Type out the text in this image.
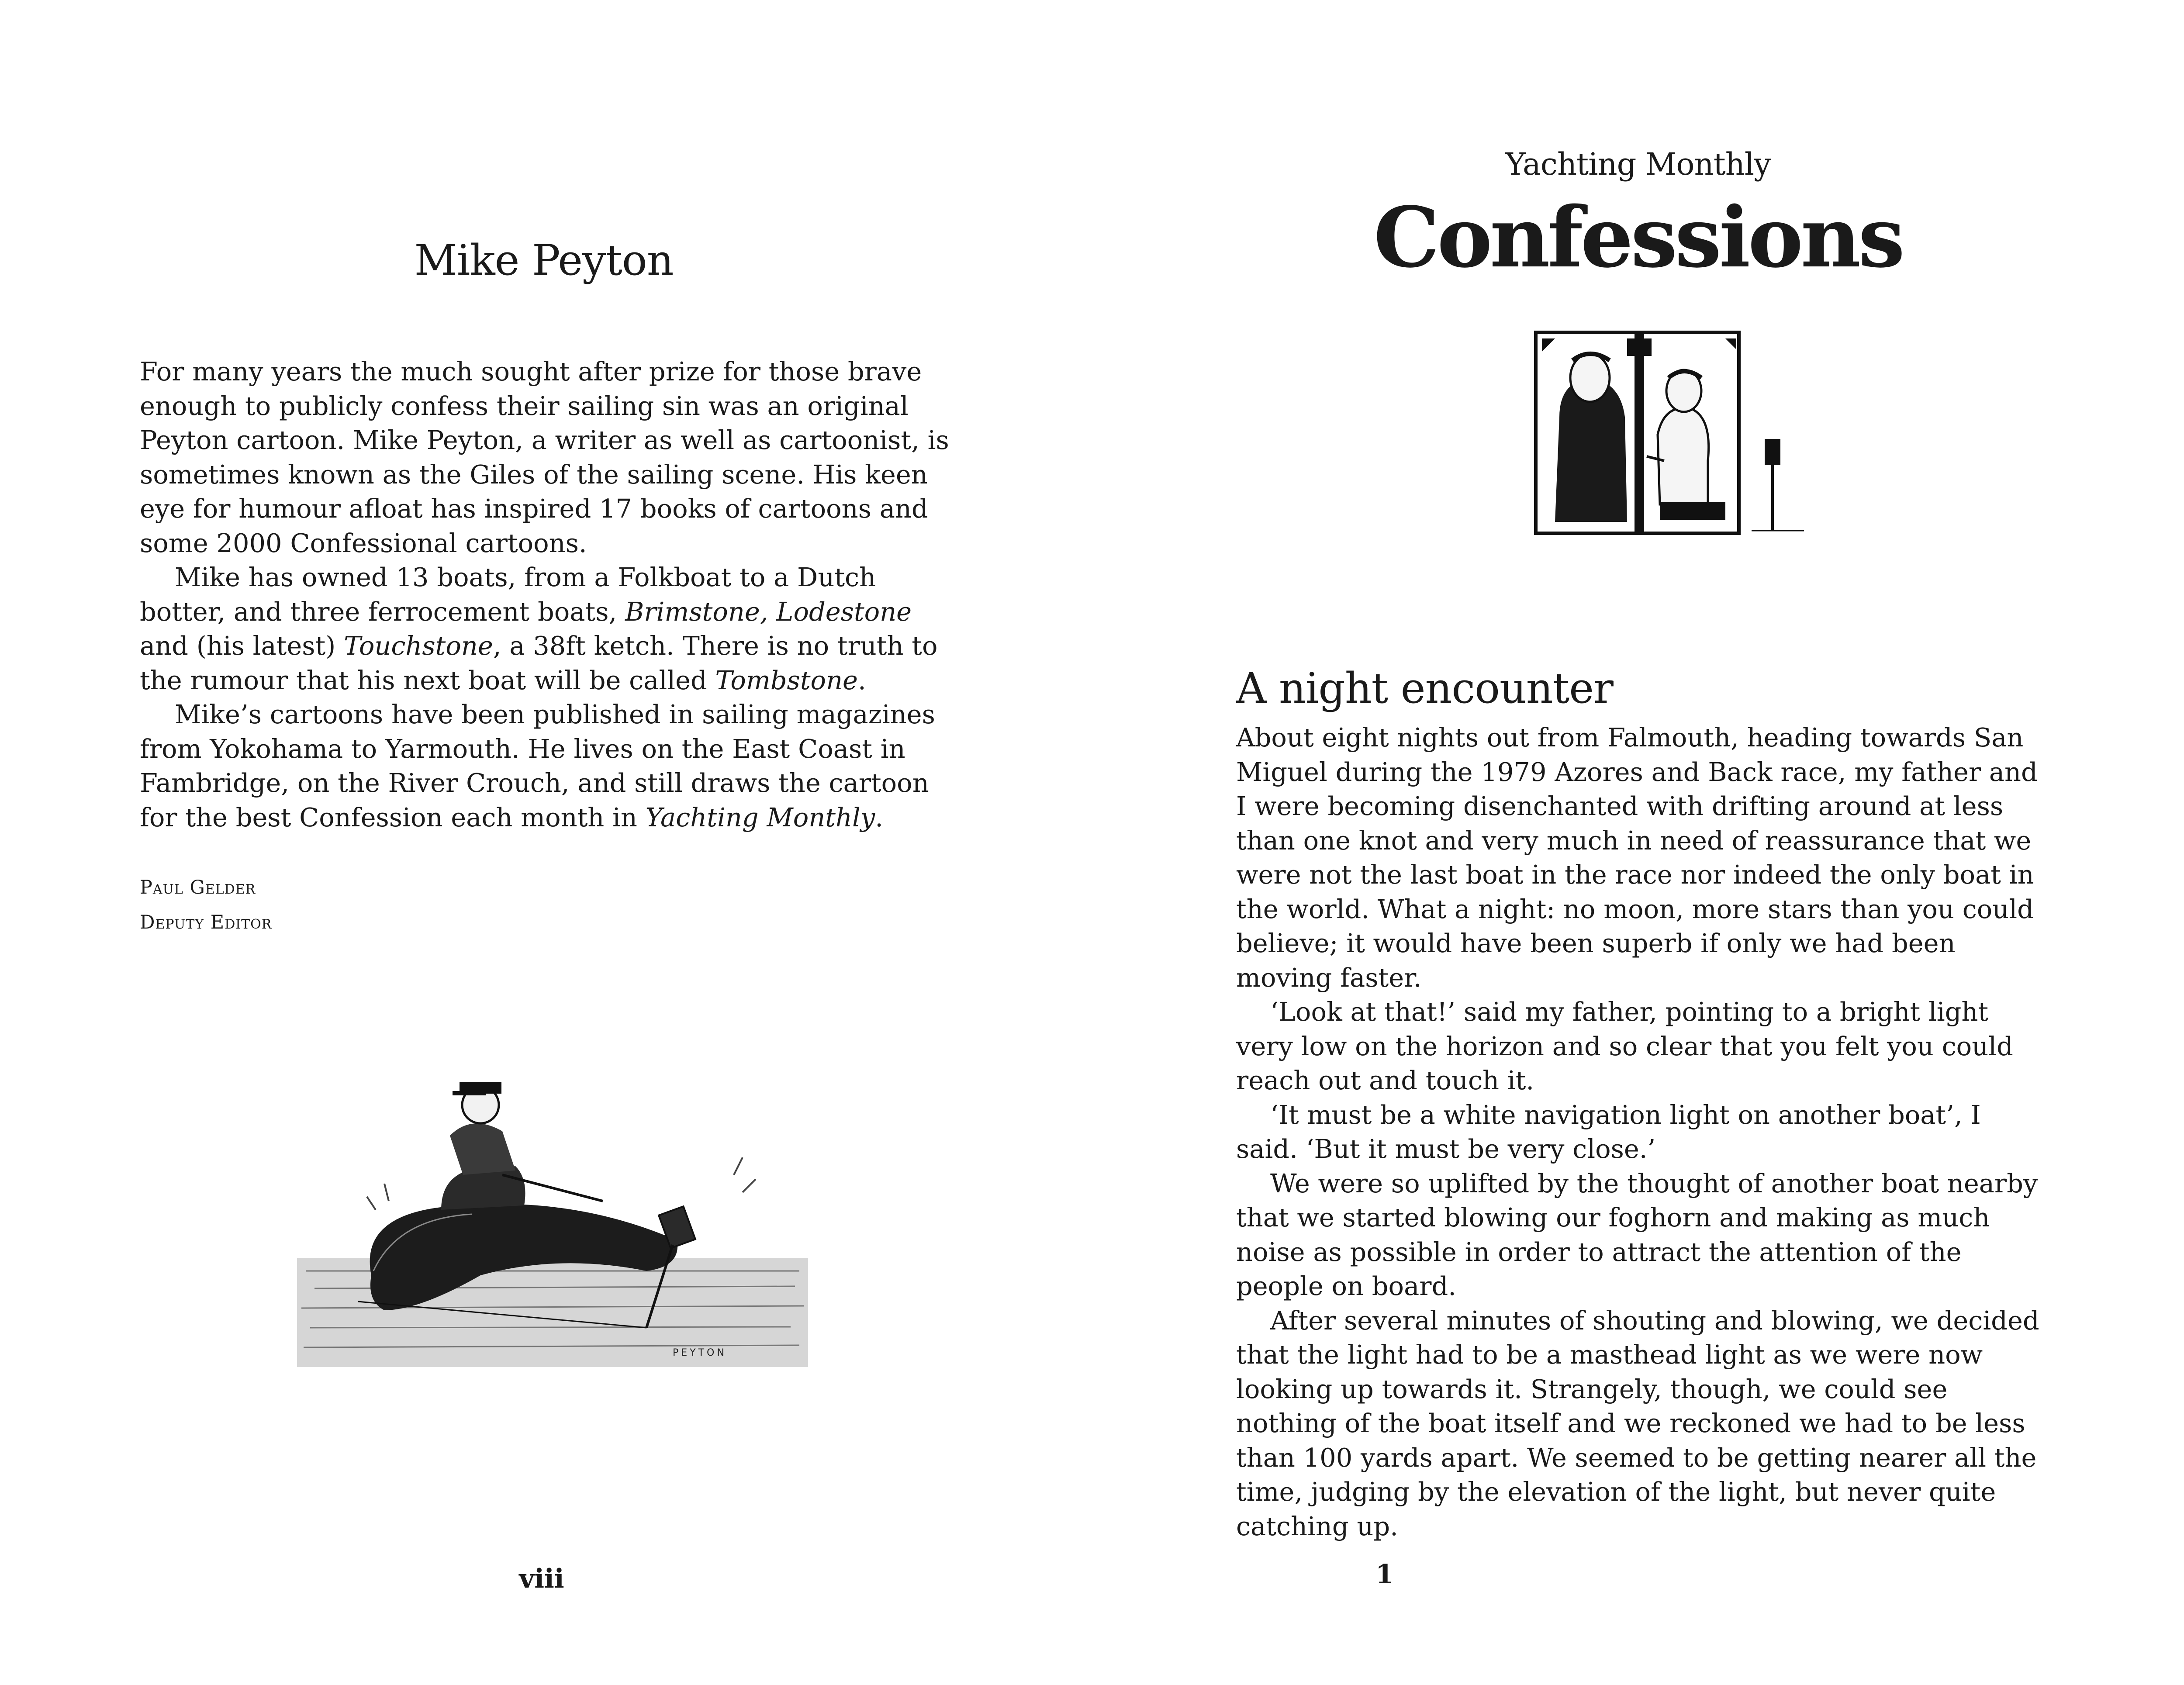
Mike Peyton

For many years the much sought after prize for those brave enough to publicly confess their sailing sin was an original Peyton cartoon. Mike Peyton, a writer as well as cartoonist, is sometimes known as the Giles of the sailing scene. His keen eye for humour afloat has inspired 17 books of cartoons and some 2000 Confessional cartoons.

Mike has owned 13 boats, from a Folkboat to a Dutch botter, and three ferrocement boats, Brimstone, Lodestone and (his latest) Touchstone, a 38ft ketch. There is no truth to the rumour that his next boat will be called Tombstone.

Mike’s cartoons have been published in sailing magazines from Yokohama to Yarmouth. He lives on the East Coast in Fambridge, on the River Crouch, and still draws the cartoon for the best Confession each month in Yachting Monthly.

Paul Gelder
Deputy Editor
PEYTON
viii
Yachting Monthly
Confessions
A night encounter

About eight nights out from Falmouth, heading towards San Miguel during the 1979 Azores and Back race, my father and I were becoming disenchanted with drifting around at less than one knot and very much in need of reassurance that we were not the last boat in the race nor indeed the only boat in the world. What a night: no moon, more stars than you could believe; it would have been superb if only we had been moving faster.

‘Look at that!’ said my father, pointing to a bright light very low on the horizon and so clear that you felt you could reach out and touch it.

‘It must be a white navigation light on another boat’, I said. ‘But it must be very close.’

We were so uplifted by the thought of another boat nearby that we started blowing our foghorn and making as much noise as possible in order to attract the attention of the people on board.

After several minutes of shouting and blowing, we decided that the light had to be a masthead light as we were now looking up towards it. Strangely, though, we could see nothing of the boat itself and we reckoned we had to be less than 100 yards apart. We seemed to be getting nearer all the time, judging by the elevation of the light, but never quite catching up.

1
